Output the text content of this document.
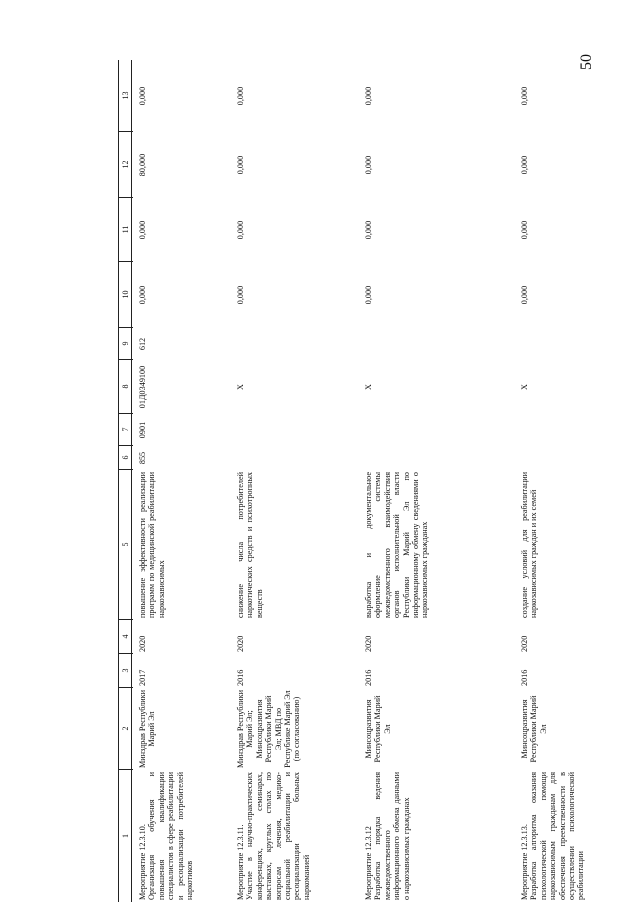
50
1
2
3
4
5
6
7
8
9
10
11
12
13
Мероприятие 12.3.10.
Организация обучения и повышения квалификации специалистов в сфере реабилитации и ресоциализации потребителей наркотиков
Минздрав Республики Марий Эл
2017
2020
повышение эффективности реализации программ по медицинской реабилитации наркозависимых
855
0901
01Д0349100
612
0,000
0,000
80,000
0,000
Мероприятие 12.3.11.
Участие в научно-практических конференциях, семинарах, выставках, круглых столах по вопросам лечения, медико-социальной реабилитации и ресоциализации больных наркоманией
Минздрав Республики Марий Эл; Минсоцразвития Республики Марий Эл; МВД по Республике Марий Эл (по согласованию)
2016
2020
снижение числа потребителей наркотических средств и психотропных веществ
Х
0,000
0,000
0,000
0,000
Мероприятие 12.3.12
Разработка порядка ведения межведомственного информационного обмена данными о наркозависимых гражданах
Минсоцразвития Республики Марий Эл
2016
2020
выработка и документальное оформление системы межведомственного взаимодействия органов исполнительной власти Республики Марий Эл по информационному обмену сведениями о наркозависимых гражданах
Х
0,000
0,000
0,000
0,000
Мероприятие 12.3.13.
Разработка алгоритма оказания психологической помощи наркозависимым гражданам для обеспечения преемственности в осуществлении психологической реабилитации
Минсоцразвития Республики Марий Эл
2016
2020
создание условий для реабилитации наркозависимых граждан и их семей
Х
0,000
0,000
0,000
0,000
